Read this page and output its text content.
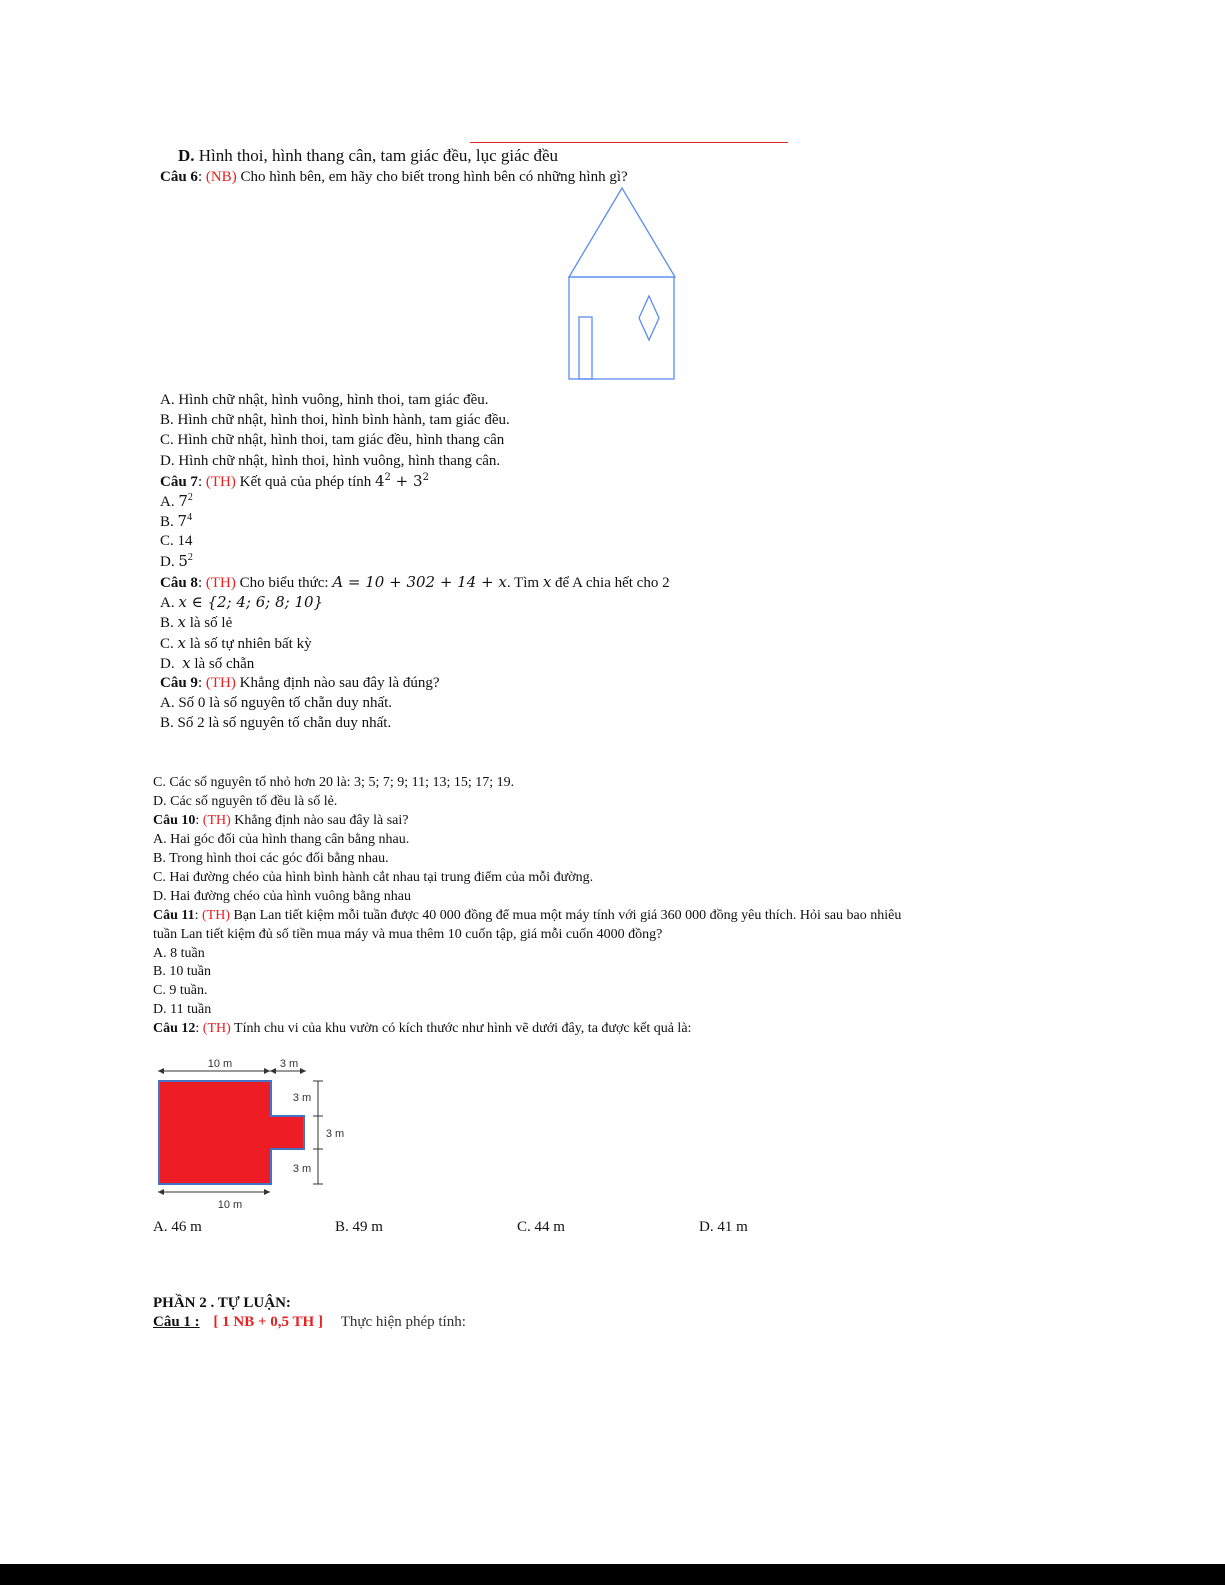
D. Hình thoi, hình thang cân, tam giác đều, lục giác đều
Câu 6: (NB) Cho hình bên, em hãy cho biết trong hình bên có những hình gì?
A. Hình chữ nhật, hình vuông, hình thoi, tam giác đều.
B. Hình chữ nhật, hình thoi, hình bình hành, tam giác đều.
C. Hình chữ nhật, hình thoi, tam giác đều, hình thang cân
D. Hình chữ nhật, hình thoi, hình vuông, hình thang cân.
Câu 7: (TH) Kết quả của phép tính $4^2 + 3^2$
A. $7^2$
B. $7^4$
C. 14
D. $5^2$
Câu 8: (TH) Cho biểu thức: A = 10 + 302 + 14 + x. Tìm x để A chia hết cho 2
A. x ∈ {2; 4; 6; 8; 10}
B. x là số lẻ
C. x là số tự nhiên bất kỳ
D. x là số chẵn
Câu 9: (TH) Khẳng định nào sau đây là đúng?
A. Số 0 là số nguyên tố chẵn duy nhất.
B. Số 2 là số nguyên tố chẵn duy nhất.
C. Các số nguyên tố nhỏ hơn 20 là: 3; 5; 7; 9; 11; 13; 15; 17; 19.
D. Các số nguyên tố đều là số lẻ.
Câu 10: (TH) Khẳng định nào sau đây là sai?
A. Hai góc đối của hình thang cân bằng nhau.
B. Trong hình thoi các góc đối bằng nhau.
C. Hai đường chéo của hình bình hành cắt nhau tại trung điểm của mỗi đường.
D. Hai đường chéo của hình vuông bằng nhau
Câu 11: (TH) Bạn Lan tiết kiệm mỗi tuần được 40 000 đồng để mua một máy tính với giá 360 000 đồng yêu thích. Hỏi sau bao nhiêu
tuần Lan tiết kiệm đủ số tiền mua máy và mua thêm 10 cuốn tập, giá mỗi cuốn 4000 đồng?
A. 8 tuần
B. 10 tuần
C. 9 tuần.
D. 11 tuần
Câu 12: (TH) Tính chu vi của khu vườn có kích thước như hình vẽ dưới đây, ta được kết quả là:
10 m	3 m
3 m
3 m
3 m
10 m
A. 46 m	B. 49 m	C. 44 m	D. 41 m
PHẦN 2 . TỰ LUẬN:
Câu 1 : [ 1 NB + 0,5 TH ] Thực hiện phép tính:
